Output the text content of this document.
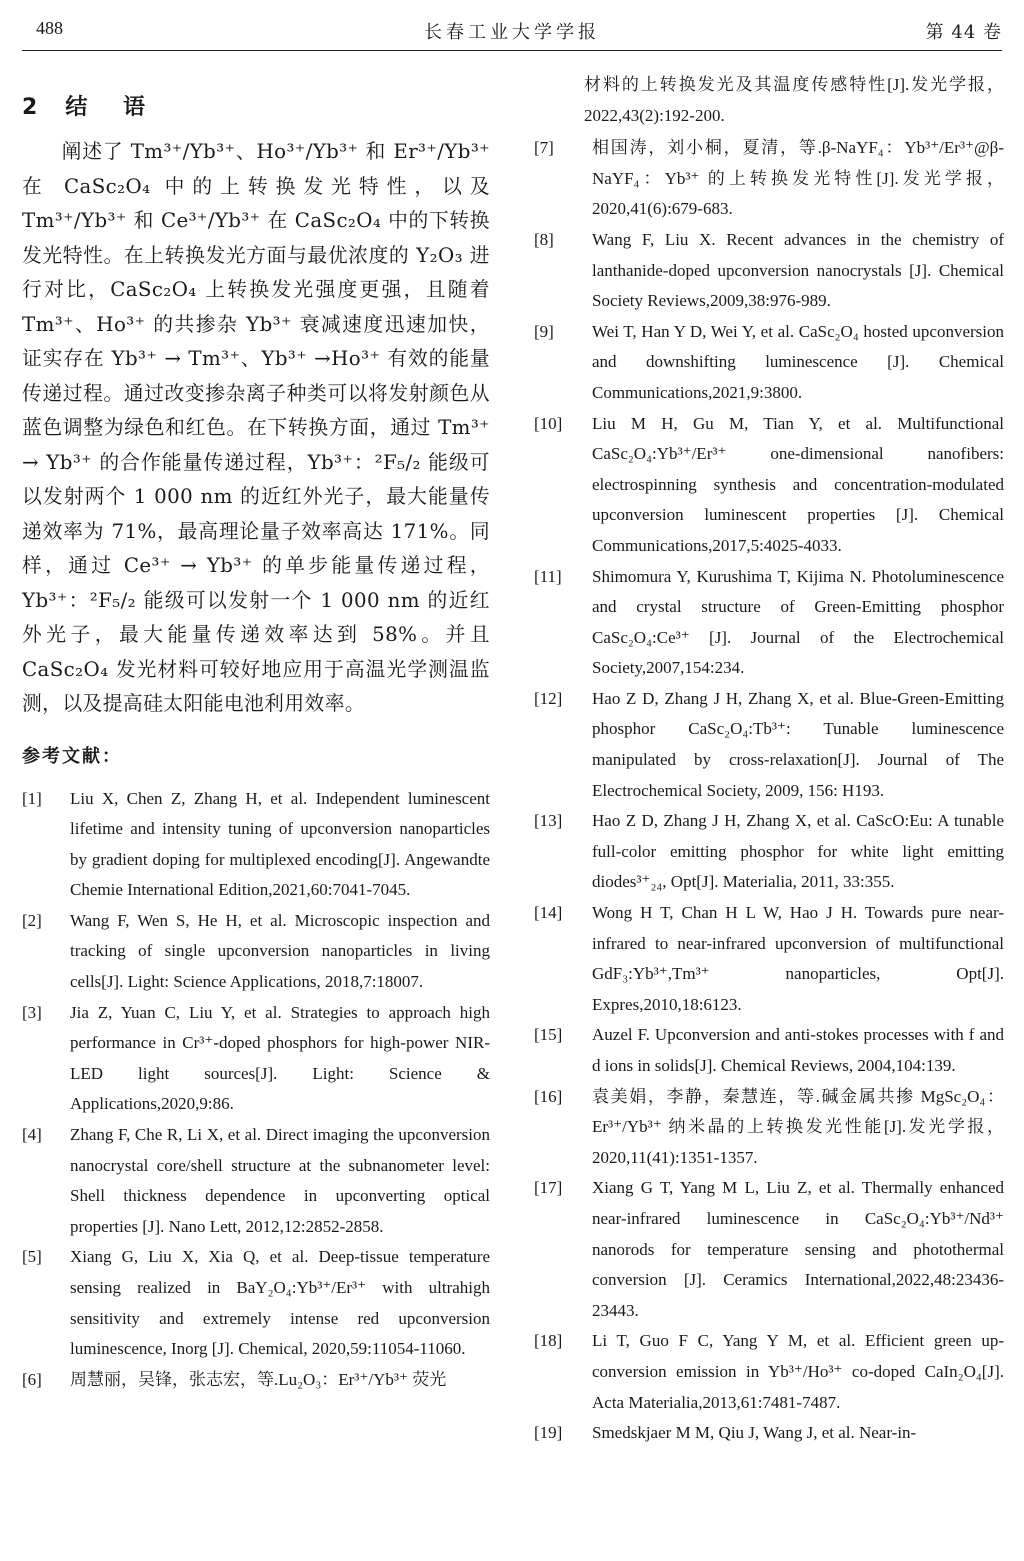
488	长春工业大学学报	第 44 卷
2 结 语

阐述了 Tm³⁺/Yb³⁺、Ho³⁺/Yb³⁺ 和 Er³⁺/Yb³⁺ 在 CaSc₂O₄ 中的上转换发光特性，以及 Tm³⁺/Yb³⁺ 和 Ce³⁺/Yb³⁺ 在 CaSc₂O₄ 中的下转换发光特性。在上转换发光方面与最优浓度的 Y₂O₃ 进行对比，CaSc₂O₄ 上转换发光强度更强，且随着 Tm³⁺、Ho³⁺ 的共掺杂 Yb³⁺ 衰减速度迅速加快，证实存在 Yb³⁺ → Tm³⁺、Yb³⁺ →Ho³⁺ 有效的能量传递过程。通过改变掺杂离子种类可以将发射颜色从蓝色调整为绿色和红色。在下转换方面，通过 Tm³⁺ → Yb³⁺ 的合作能量传递过程，Yb³⁺：²F₅/₂ 能级可以发射两个 1 000 nm 的近红外光子，最大能量传递效率为 71%，最高理论量子效率高达 171%。同样，通过 Ce³⁺ → Yb³⁺ 的单步能量传递过程，Yb³⁺：²F₅/₂ 能级可以发射一个 1 000 nm 的近红外光子，最大能量传递效率达到 58%。并且 CaSc₂O₄ 发光材料可较好地应用于高温光学测温监测，以及提高硅太阳能电池利用效率。

参考文献：
[1]	Liu X, Chen Z, Zhang H, et al. Independent luminescent lifetime and intensity tuning of upconversion nanoparticles by gradient doping for multiplexed encoding[J]. Angewandte Chemie International Edition,2021,60:7041-7045.
[2]	Wang F, Wen S, He H, et al. Microscopic inspection and tracking of single upconversion nanoparticles in living cells[J]. Light: Science Applications, 2018,7:18007.
[3]	Jia Z, Yuan C, Liu Y, et al. Strategies to approach high performance in Cr³⁺-doped phosphors for high-power NIR-LED light sources[J]. Light: Science & Applications,2020,9:86.
[4]	Zhang F, Che R, Li X, et al. Direct imaging the upconversion nanocrystal core/shell structure at the subnanometer level: Shell thickness dependence in upconverting optical properties [J]. Nano Lett, 2012,12:2852-2858.
[5]	Xiang G, Liu X, Xia Q, et al. Deep-tissue temperature sensing realized in BaY₂O₄:Yb³⁺/Er³⁺ with ultrahigh sensitivity and extremely intense red upconversion luminescence, Inorg [J]. Chemical, 2020,59:11054-11060.
[6]	周慧丽，吴锋，张志宏，等.Lu₂O₃：Er³⁺/Yb³⁺ 荧光
材料的上转换发光及其温度传感特性[J].发光学报，2022,43(2):192-200.
[7]	相国涛，刘小桐，夏清，等.β-NaYF₄：Yb³⁺/Er³⁺@β-NaYF₄：Yb³⁺ 的上转换发光特性[J].发光学报，2020,41(6):679-683.
[8]	Wang F, Liu X. Recent advances in the chemistry of lanthanide-doped upconversion nanocrystals [J]. Chemical Society Reviews,2009,38:976-989.
[9]	Wei T, Han Y D, Wei Y, et al. CaSc₂O₄ hosted upconversion and downshifting luminescence [J]. Chemical Communications,2021,9:3800.
[10]	Liu M H, Gu M, Tian Y, et al. Multifunctional CaSc₂O₄:Yb³⁺/Er³⁺ one-dimensional nanofibers: electrospinning synthesis and concentration-modulated upconversion luminescent properties [J]. Chemical Communications,2017,5:4025-4033.
[11]	Shimomura Y, Kurushima T, Kijima N. Photoluminescence and crystal structure of Green-Emitting phosphor CaSc₂O₄:Ce³⁺ [J]. Journal of the Electrochemical Society,2007,154:234.
[12]	Hao Z D, Zhang J H, Zhang X, et al. Blue-Green-Emitting phosphor CaSc₂O₄:Tb³⁺: Tunable luminescence manipulated by cross-relaxation[J]. Journal of The Electrochemical Society, 2009, 156: H193.
[13]	Hao Z D, Zhang J H, Zhang X, et al. CaScO:Eu: A tunable full-color emitting phosphor for white light emitting diodes³⁺₂₄, Opt[J]. Materialia, 2011, 33:355.
[14]	Wong H T, Chan H L W, Hao J H. Towards pure near-infrared to near-infrared upconversion of multifunctional GdF₃:Yb³⁺,Tm³⁺ nanoparticles, Opt[J]. Expres,2010,18:6123.
[15]	Auzel F. Upconversion and anti-stokes processes with f and d ions in solids[J]. Chemical Reviews, 2004,104:139.
[16]	袁美娟，李静，秦慧连，等.碱金属共掺 MgSc₂O₄：Er³⁺/Yb³⁺ 纳米晶的上转换发光性能[J].发光学报，2020,11(41):1351-1357.
[17]	Xiang G T, Yang M L, Liu Z, et al. Thermally enhanced near-infrared luminescence in CaSc₂O₄:Yb³⁺/Nd³⁺ nanorods for temperature sensing and photothermal conversion [J]. Ceramics International,2022,48:23436-23443.
[18]	Li T, Guo F C, Yang Y M, et al. Efficient green up-conversion emission in Yb³⁺/Ho³⁺ co-doped CaIn₂O₄[J]. Acta Materialia,2013,61:7481-7487.
[19]	Smedskjaer M M, Qiu J, Wang J, et al. Near-in-
